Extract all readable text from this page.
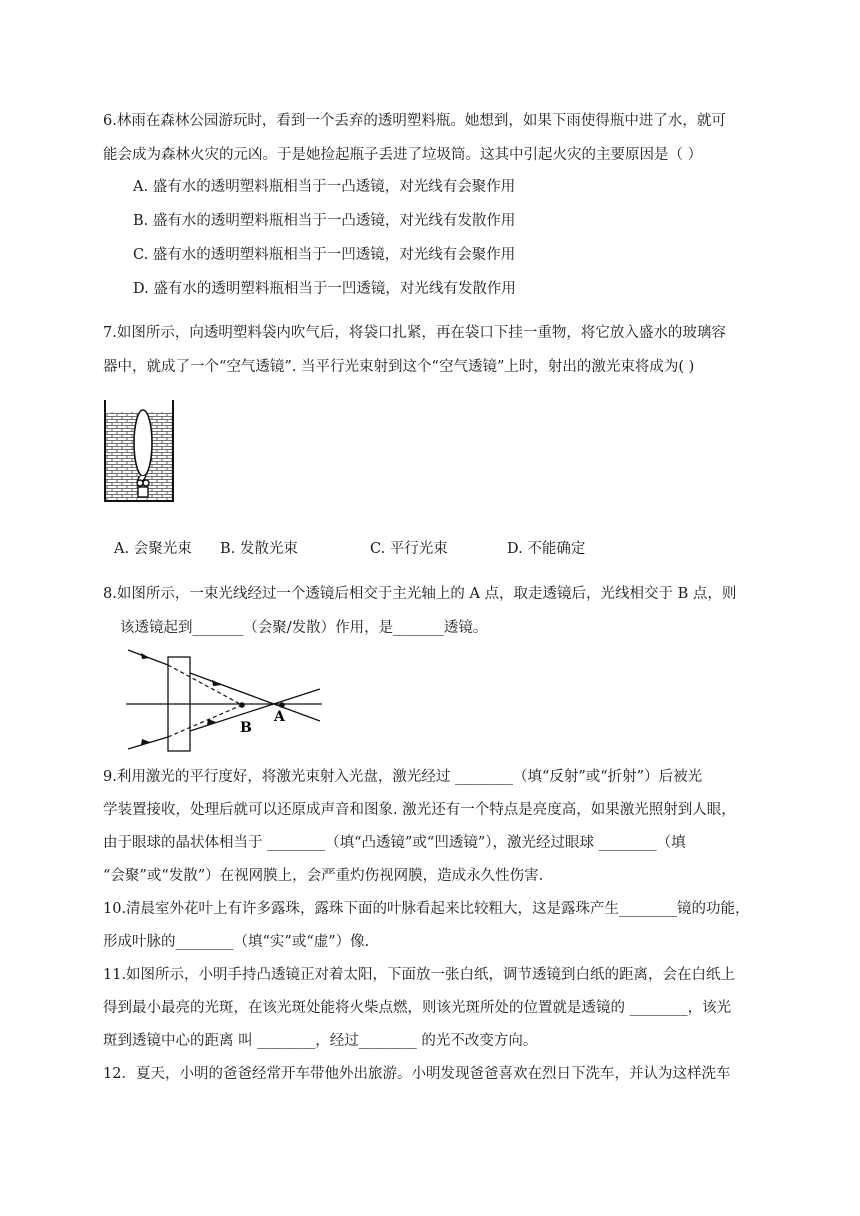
6.林雨在森林公园游玩时，看到一个丢弃的透明塑料瓶。她想到，如果下雨使得瓶中进了水，就可
能会成为森林火灾的元凶。于是她捡起瓶子丢进了垃圾筒。这其中引起火灾的主要原因是（ ）
A. 盛有水的透明塑料瓶相当于一凸透镜，对光线有会聚作用
B. 盛有水的透明塑料瓶相当于一凸透镜，对光线有发散作用
C. 盛有水的透明塑料瓶相当于一凹透镜，对光线有会聚作用
D. 盛有水的透明塑料瓶相当于一凹透镜，对光线有发散作用
7.如图所示，向透明塑料袋内吹气后，将袋口扎紧，再在袋口下挂一重物，将它放入盛水的玻璃容
器中，就成了一个“空气透镜”. 当平行光束射到这个“空气透镜”上时，射出的激光束将成为( )
A. 会聚光束 B. 发散光束	C. 平行光束	D. 不能确定
8.如图所示，一束光线经过一个透镜后相交于主光轴上的 A 点，取走透镜后，光线相交于 B 点，则
该透镜起到_______（会聚/发散）作用，是_______透镜。
B
A
9.利用激光的平行度好，将激光束射入光盘，激光经过 ________（填“反射”或“折射”）后被光
学装置接收，处理后就可以还原成声音和图象. 激光还有一个特点是亮度高，如果激光照射到人眼，
由于眼球的晶状体相当于 ________（填“凸透镜”或“凹透镜”），激光经过眼球 ________（填
“会聚”或“发散”）在视网膜上，会严重灼伤视网膜，造成永久性伤害.
10.清晨室外花叶上有许多露珠，露珠下面的叶脉看起来比较粗大，这是露珠产生________镜的功能，
形成叶脉的________（填“实”或“虚”）像.
11.如图所示，小明手持凸透镜正对着太阳，下面放一张白纸，调节透镜到白纸的距离，会在白纸上
得到最小最亮的光斑，在该光斑处能将火柴点燃，则该光斑所处的位置就是透镜的 ________，该光
斑到透镜中心的距离 叫 ________，经过________ 的光不改变方向。
12．夏天，小明的爸爸经常开车带他外出旅游。小明发现爸爸喜欢在烈日下洗车，并认为这样洗车
